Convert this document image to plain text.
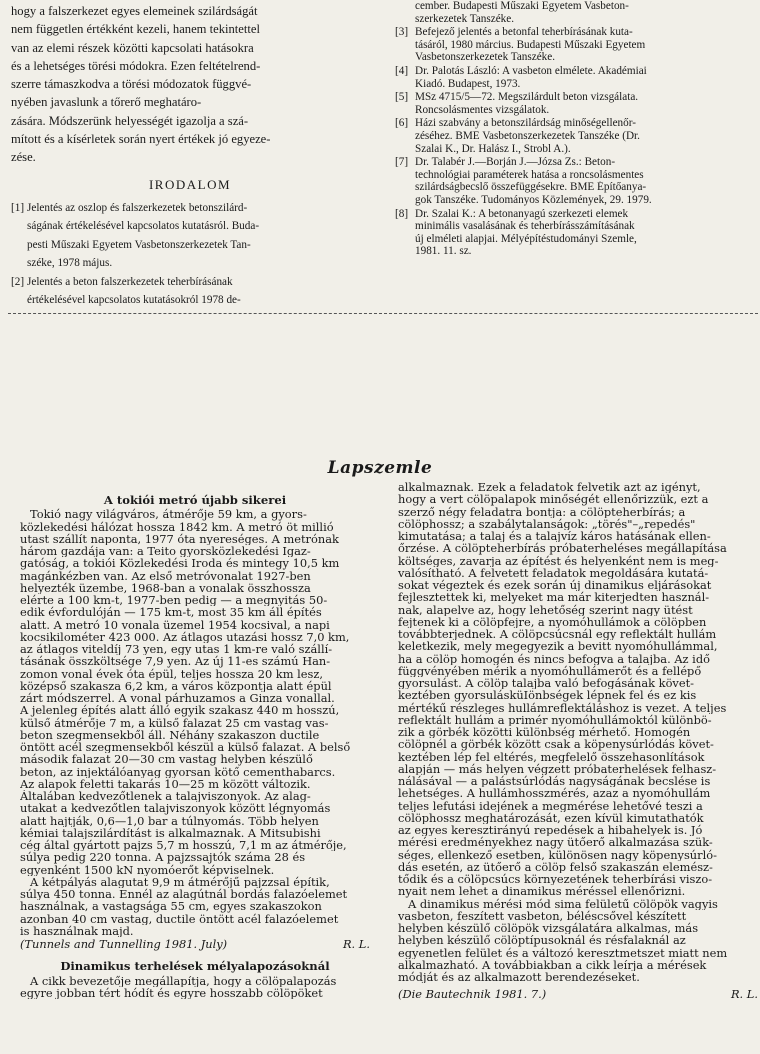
hogy a falszerkezet egyes elemeinek szilárdságát
nem független értékként kezeli, hanem tekintettel
van az elemi részek közötti kapcsolati hatásokra
és a lehetséges törési módokra. Ezen feltételrend-
szerre támaszkodva a törési módozatok függvé-
nyében javaslunk a tőrerő meghatáro-
zására. Módszerünk helyességét igazolja a szá-
mított és a kísérletek során nyert értékek jó egyeze-
zése.
IRODALOM
[1] Jelentés az oszlop és falszerkezetek betonszilárd-
ságának értékelésével kapcsolatos kutatásról. Buda-
pesti Műszaki Egyetem Vasbetonszerkezetek Tan-
széke, 1978 május.
[2] Jelentés a beton falszerkezetek teherbírásának
értékelésével kapcsolatos kutatásokról 1978 de-
cember. Budapesti Műszaki Egyetem Vasbeton-
szerkezetek Tanszéke.
[3] Befejező jelentés a betonfal teherbírásának kuta-
tásáról, 1980 március. Budapesti Műszaki Egyetem
Vasbetonszerkezetek Tanszéke.
[4] Dr. Palotás László: A vasbeton elmélete. Akadémiai
Kiadó. Budapest, 1973.
[5] MSz 4715/5—72. Megszilárdult beton vizsgálata.
Roncsolásmentes vizsgálatok.
[6] Házi szabvány a betonszilárdság minőségellenőr-
zéséhez. BME Vasbetonszerkezetek Tanszéke (Dr.
Szalai K., Dr. Halász I., Strobl A.).
[7] Dr. Talabér J.—Borján J.—Józsa Zs.: Beton-
technológiai paraméterek hatása a roncsolásmentes
szilárdságbecslő összefüggésekre. BME Építőanya-
gok Tanszéke. Tudományos Közlemények, 29. 1979.
[8] Dr. Szalai K.: A betonanyagú szerkezeti elemek
minimális vasalásának és teherbírásszámításának
új elméleti alapjai. Mélyépítéstudományi Szemle,
1981. 11. sz.
Lapszemle
A tokiói metró újabb sikerei
Tokió nagy világváros, átmérője 59 km, a gyors-
közlekedési hálózat hossza 1842 km. A metró öt millió
utast szállít naponta, 1977 óta nyereséges. A metrónak
három gazdája van: a Teito gyorsközlekedési Igaz-
gatóság, a tokiói Közlekedési Iroda és mintegy 10,5 km
magánkézben van. Az első metróvonalat 1927-ben
helyezték üzembe, 1968-ban a vonalak összhossza
elérte a 100 km-t, 1977-ben pedig — a megnyitás 50-
edik évfordulóján — 175 km-t, most 35 km áll építés
alatt. A metró 10 vonala üzemel 1954 kocsival, a napi
kocsikilométer 423 000. Az átlagos utazási hossz 7,0 km,
az átlagos viteldíj 73 yen, egy utas 1 km-re való szállí-
tásának összköltsége 7,9 yen. Az új 11-es számú Han-
zomon vonal évek óta épül, teljes hossza 20 km lesz,
középső szakasza 6,2 km, a város központja alatt épül
zárt módszerrel. A vonal párhuzamos a Ginza vonallal.
A jelenleg építés alatt álló egyik szakasz 440 m hosszú,
külső átmérője 7 m, a külső falazat 25 cm vastag vas-
beton szegmensekből áll. Néhány szakaszon ductile
öntött acél szegmensekből készül a külső falazat. A belső
második falazat 20—30 cm vastag helyben készülő
beton, az injektálóanyag gyorsan kötő cementhabarcs.
Az alapok feletti takarás 10—25 m között változik.
Általában kedvezőtlenek a talajviszonyok. Az alag-
utakat a kedvezőtlen talajviszonyok között légnyomás
alatt hajtják, 0,6—1,0 bar a túlnyomás. Több helyen
kémiai talajszilárdítást is alkalmaznak. A Mitsubishi
cég által gyártott pajzs 5,7 m hosszú, 7,1 m az átmérője,
súlya pedig 220 tonna. A pajzssajtók száma 28 és
egyenként 1500 kN nyomóerőt képviselnek.
A kétpályás alagutat 9,9 m átmérőjű pajzzsal építik,
súlya 450 tonna. Ennél az alagútnál bordás falazóelemet
használnak, a vastagsága 55 cm, egyes szakaszokon
azonban 40 cm vastag, ductile öntött acél falazóelemet
is használnak majd.
(Tunnels and Tunnelling 1981. July)	R. L.
Dinamikus terhelések mélyalapozásoknál
A cikk bevezetője megállapítja, hogy a cölöpalapozás
egyre jobban tért hódít és egyre hosszabb cölöpöket
alkalmaznak. Ezek a feladatok felvetik azt az igényt,
hogy a vert cölöpalapok minőségét ellenőrizzük, ezt a
szerző négy feladatra bontja: a cölöpteherbírás; a
cölöphossz; a szabálytalanságok: „törés"–„repedés"
kimutatása; a talaj és a talajvíz káros hatásának ellen-
őrzése. A cölöpteherbírás próbaterheléses megállapítása
költséges, zavarja az építést és helyenként nem is meg-
valósítható. A felvetett feladatok megoldására kutatá-
sokat végeztek és ezek során új dinamikus eljárásokat
fejlesztettek ki, melyeket ma már kiterjedten használ-
nak, alapelve az, hogy lehetőség szerint nagy ütést
fejtenek ki a cölöpfejre, a nyomóhullámok a cölöpben
továbbterjednek. A cölöpcsúcsnál egy reflektált hullám
keletkezik, mely megegyezik a bevitt nyomóhullámmal,
ha a cölöp homogén és nincs befogva a talajba. Az idő
függvényében mérik a nyomóhullámerőt és a fellépő
gyorsulást. A cölöp talajba való befogásának követ-
keztében gyorsulásküIönbségek lépnek fel és ez kis
mértékű részleges hullámreflektáláshoz is vezet. A teljes
reflektált hullám a primér nyomóhullámoktól különbö-
zik a görbék közötti különbség mérhető. Homogén
cölöpnél a görbék között csak a köpenysúrlódás követ-
keztében lép fel eltérés, megfelelő összehasonlítások
alapján — más helyen végzett próbaterhelések felhasz-
nálásával — a palástsúrlódás nagyságának becslése is
lehetséges. A hullámhosszmérés, azaz a nyomóhullám
teljes lefutási idejének a megmérése lehetővé teszi a
cölöphossz meghatározását, ezen kívül kimutathatók
az egyes keresztirányú repedések a hibahelyek is. Jó
mérési eredményekhez nagy ütőerő alkalmazása szük-
séges, ellenkező esetben, különösen nagy köpenysúrló-
dás esetén, az ütőerő a cölöp felső szakaszán elemész-
tődik és a cölöpcsúcs környezetének teherbírási viszo-
nyait nem lehet a dinamikus méréssel ellenőrizni.
A dinamikus mérési mód sima felületű cölöpök vagyis
vasbeton, feszített vasbeton, béléscsővel készített
helyben készülő cölöpök vizsgálatára alkalmas, más
helyben készülő cölöptípusoknál és résfalaknál az
egyenetlen felület és a változó keresztmetszet miatt nem
alkalmazható. A továbbiakban a cikk leírja a mérések
módját és az alkalmazott berendezéseket.
(Die Bautechnik 1981. 7.)	R. L.
